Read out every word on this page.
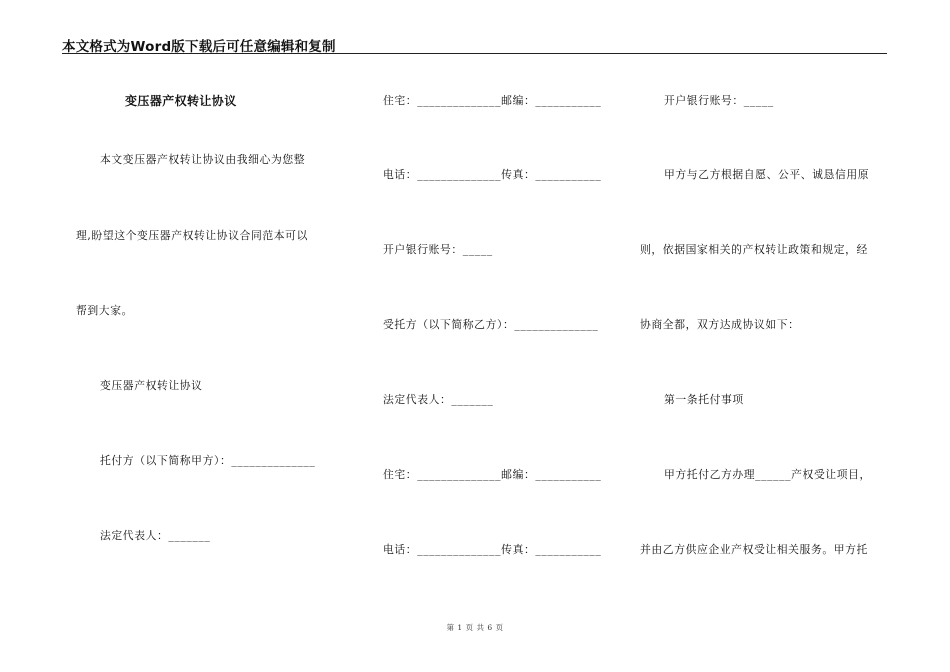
本文格式为Word版下载后可任意编辑和复制
变压器产权转让协议
本文变压器产权转让协议由我细心为您整
理,盼望这个变压器产权转让协议合同范本可以
帮到大家。
变压器产权转让协议
托付方（以下简称甲方）：______________
法定代表人：_______
住宅：______________邮编：___________
电话：______________传真：___________
开户银行账号：_____
受托方（以下简称乙方）：______________
法定代表人：_______
住宅：______________邮编：___________
电话：______________传真：___________
开户银行账号：_____
甲方与乙方根据自愿、公平、诚恳信用原
则，依据国家相关的产权转让政策和规定，经
协商全都，双方达成协议如下：
第一条托付事项
甲方托付乙方办理______产权受让项目，
并由乙方供应企业产权受让相关服务。甲方托
第 1 页 共 6 页
